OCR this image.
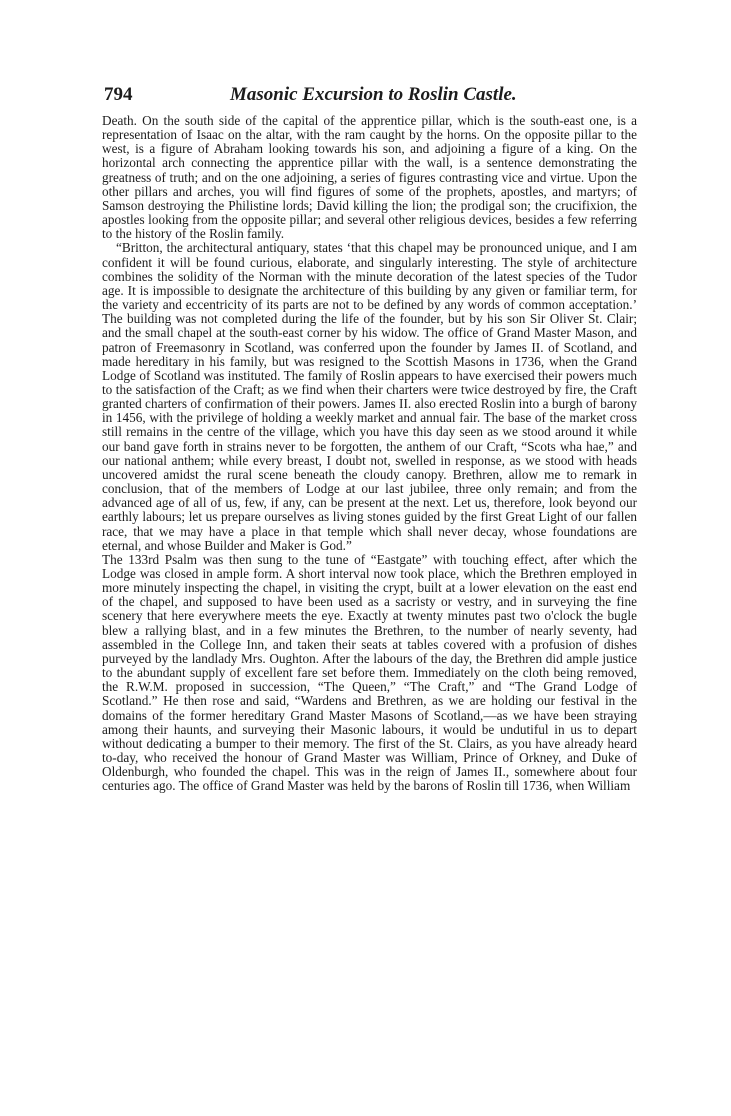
794	Masonic Excursion to Roslin Castle.

Death. On the south side of the capital of the apprentice pillar, which is the south-east one, is a representation of Isaac on the altar, with the ram caught by the horns. On the opposite pillar to the west, is a figure of Abraham looking towards his son, and adjoining a figure of a king. On the horizontal arch connecting the apprentice pillar with the wall, is a sentence demonstrating the greatness of truth; and on the one adjoining, a series of figures contrasting vice and virtue. Upon the other pillars and arches, you will find figures of some of the prophets, apostles, and martyrs; of Samson destroying the Philistine lords; David killing the lion; the prodigal son; the crucifixion, the apostles looking from the opposite pillar; and several other religious devices, besides a few referring to the history of the Roslin family.

“Britton, the architectural antiquary, states ‘that this chapel may be pronounced unique, and I am confident it will be found curious, elaborate, and singularly interesting. The style of architecture combines the solidity of the Norman with the minute decoration of the latest species of the Tudor age. It is impossible to designate the architecture of this building by any given or familiar term, for the variety and eccentricity of its parts are not to be defined by any words of common acceptation.’ The building was not completed during the life of the founder, but by his son Sir Oliver St. Clair; and the small chapel at the south-east corner by his widow. The office of Grand Master Mason, and patron of Freemasonry in Scotland, was conferred upon the founder by James II. of Scotland, and made hereditary in his family, but was resigned to the Scottish Masons in 1736, when the Grand Lodge of Scotland was instituted. The family of Roslin appears to have exercised their powers much to the satisfaction of the Craft; as we find when their charters were twice destroyed by fire, the Craft granted charters of confirmation of their powers. James II. also erected Roslin into a burgh of barony in 1456, with the privilege of holding a weekly market and annual fair. The base of the market cross still remains in the centre of the village, which you have this day seen as we stood around it while our band gave forth in strains never to be forgotten, the anthem of our Craft, “Scots wha hae,” and our national anthem; while every breast, I doubt not, swelled in response, as we stood with heads uncovered amidst the rural scene beneath the cloudy canopy. Brethren, allow me to remark in conclusion, that of the members of Lodge at our last jubilee, three only remain; and from the advanced age of all of us, few, if any, can be present at the next. Let us, therefore, look beyond our earthly labours; let us prepare ourselves as living stones guided by the first Great Light of our fallen race, that we may have a place in that temple which shall never decay, whose foundations are eternal, and whose Builder and Maker is God.”

The 133rd Psalm was then sung to the tune of “Eastgate” with touching effect, after which the Lodge was closed in ample form. A short interval now took place, which the Brethren employed in more minutely inspecting the chapel, in visiting the crypt, built at a lower elevation on the east end of the chapel, and supposed to have been used as a sacristy or vestry, and in surveying the fine scenery that here everywhere meets the eye. Exactly at twenty minutes past two o'clock the bugle blew a rallying blast, and in a few minutes the Brethren, to the number of nearly seventy, had assembled in the College Inn, and taken their seats at tables covered with a profusion of dishes purveyed by the landlady Mrs. Oughton. After the labours of the day, the Brethren did ample justice to the abundant supply of excellent fare set before them. Immediately on the cloth being removed, the R.W.M. proposed in succession, “The Queen,” “The Craft,” and “The Grand Lodge of Scotland.” He then rose and said, “Wardens and Brethren, as we are holding our festival in the domains of the former hereditary Grand Master Masons of Scotland,—as we have been straying among their haunts, and surveying their Masonic labours, it would be undutiful in us to depart without dedicating a bumper to their memory. The first of the St. Clairs, as you have already heard to-day, who received the honour of Grand Master was William, Prince of Orkney, and Duke of Oldenburgh, who founded the chapel. This was in the reign of James II., somewhere about four centuries ago. The office of Grand Master was held by the barons of Roslin till 1736, when William
